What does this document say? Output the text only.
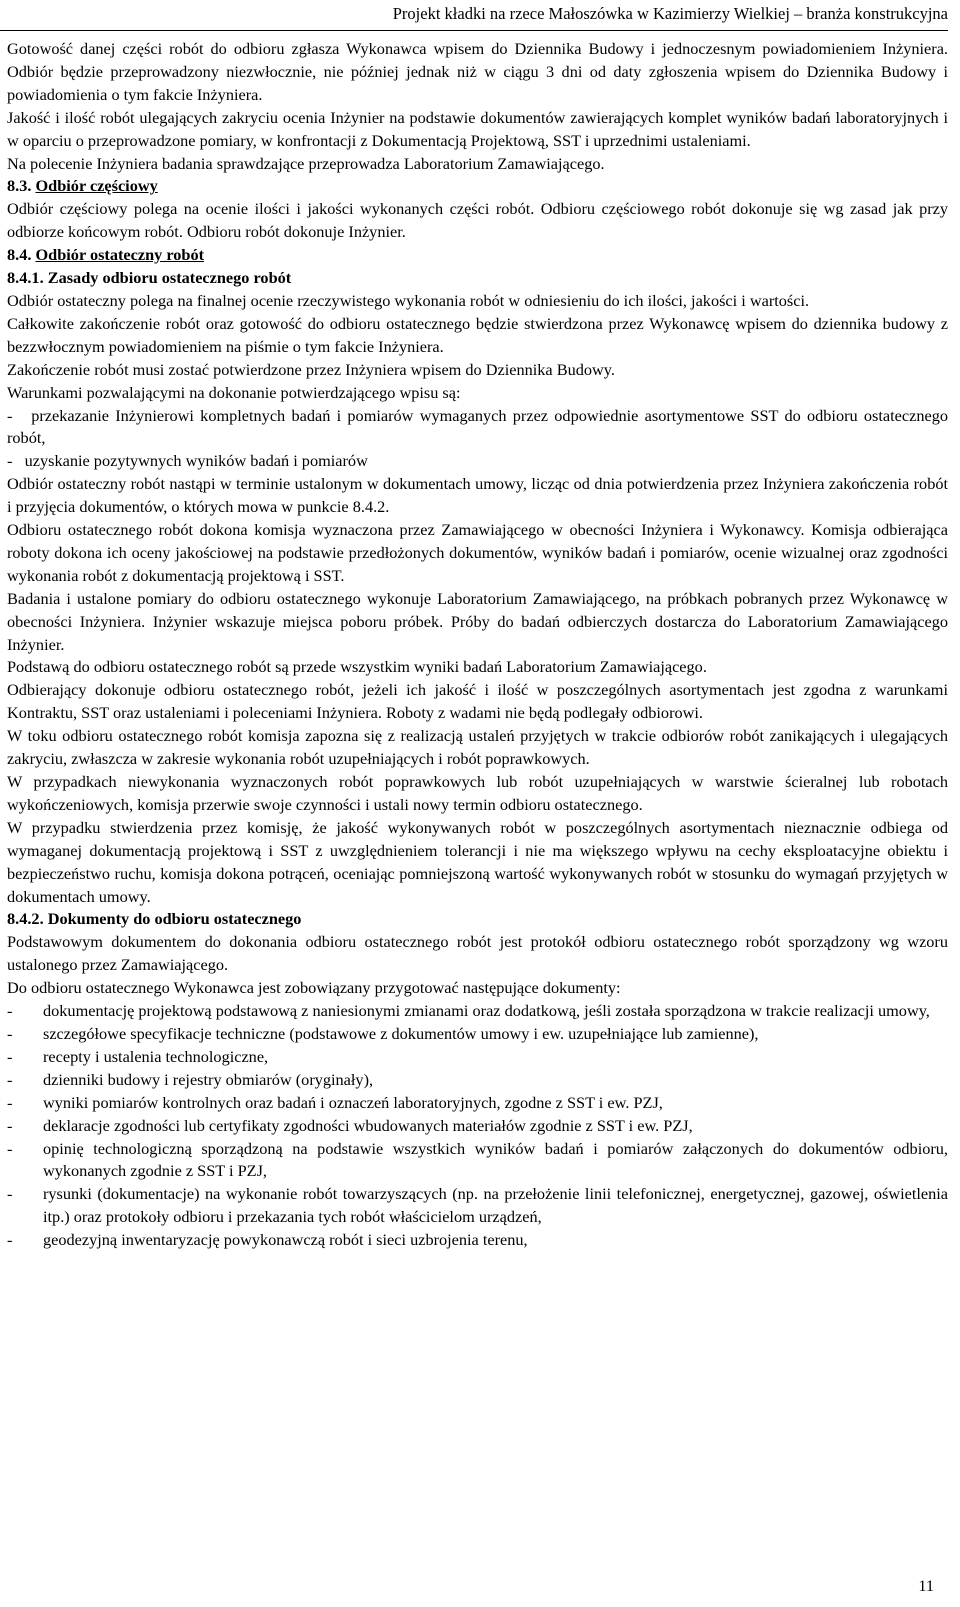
Projekt kładki na rzece Małoszówka w Kazimierzy Wielkiej – branża konstrukcyjna

Gotowość danej części robót do odbioru zgłasza Wykonawca wpisem do Dziennika Budowy i jednoczesnym powiadomieniem Inżyniera. Odbiór będzie przeprowadzony niezwłocznie, nie później jednak niż w ciągu 3 dni od daty zgłoszenia wpisem do Dziennika Budowy i powiadomienia o tym fakcie Inżyniera.

Jakość i ilość robót ulegających zakryciu ocenia Inżynier na podstawie dokumentów zawierających komplet wyników badań laboratoryjnych i w oparciu o przeprowadzone pomiary, w konfrontacji z Dokumentacją Projektową, SST i uprzednimi ustaleniami.

Na polecenie Inżyniera badania sprawdzające przeprowadza Laboratorium Zamawiającego.

8.3. Odbiór częściowy

Odbiór częściowy polega na ocenie ilości i jakości wykonanych części robót. Odbioru częściowego robót dokonuje się wg zasad jak przy odbiorze końcowym robót. Odbioru robót dokonuje Inżynier.

8.4. Odbiór ostateczny robót

8.4.1. Zasady odbioru ostatecznego robót

Odbiór ostateczny polega na finalnej ocenie rzeczywistego wykonania robót w odniesieniu do ich ilości, jakości i wartości.

Całkowite zakończenie robót oraz gotowość do odbioru ostatecznego będzie stwierdzona przez Wykonawcę wpisem do dziennika budowy z bezzwłocznym powiadomieniem na piśmie o tym fakcie Inżyniera.

Zakończenie robót musi zostać potwierdzone przez Inżyniera wpisem do Dziennika Budowy.

Warunkami pozwalającymi na dokonanie potwierdzającego wpisu są:

-   przekazanie Inżynierowi kompletnych badań i pomiarów wymaganych przez odpowiednie asortymentowe SST do odbioru ostatecznego robót,

-   uzyskanie pozytywnych wyników badań i pomiarów

Odbiór ostateczny robót nastąpi w terminie ustalonym w dokumentach umowy, licząc od dnia potwierdzenia przez Inżyniera zakończenia robót i przyjęcia dokumentów, o których mowa w punkcie 8.4.2.

Odbioru ostatecznego robót dokona komisja wyznaczona przez Zamawiającego w obecności Inżyniera i Wykonawcy. Komisja odbierająca roboty dokona ich oceny jakościowej na podstawie przedłożonych dokumentów, wyników badań i pomiarów, ocenie wizualnej oraz zgodności wykonania robót z dokumentacją projektową i SST.

Badania i ustalone pomiary do odbioru ostatecznego wykonuje Laboratorium Zamawiającego, na próbkach pobranych przez Wykonawcę w obecności Inżyniera. Inżynier wskazuje miejsca poboru próbek. Próby do badań odbierczych dostarcza do Laboratorium Zamawiającego Inżynier.

Podstawą do odbioru ostatecznego robót są przede wszystkim wyniki badań Laboratorium Zamawiającego.

Odbierający dokonuje odbioru ostatecznego robót, jeżeli ich jakość i ilość w poszczególnych asortymentach jest zgodna z warunkami Kontraktu, SST oraz ustaleniami i poleceniami Inżyniera. Roboty z wadami nie będą podlegały odbiorowi.

W toku odbioru ostatecznego robót komisja zapozna się z realizacją ustaleń przyjętych w trakcie odbiorów robót zanikających i ulegających zakryciu, zwłaszcza w zakresie wykonania robót uzupełniających i robót poprawkowych.

W przypadkach niewykonania wyznaczonych robót poprawkowych lub robót uzupełniających w warstwie ścieralnej lub robotach wykończeniowych, komisja przerwie swoje czynności i ustali nowy termin odbioru ostatecznego.

W przypadku stwierdzenia przez komisję, że jakość wykonywanych robót w poszczególnych asortymentach nieznacznie odbiega od wymaganej dokumentacją projektową i SST z uwzględnieniem tolerancji i nie ma większego wpływu na cechy eksploatacyjne obiektu i bezpieczeństwo ruchu, komisja dokona potrąceń, oceniając pomniejszoną wartość wykonywanych robót w stosunku do wymagań przyjętych w dokumentach umowy.

8.4.2. Dokumenty do odbioru ostatecznego

Podstawowym dokumentem do dokonania odbioru ostatecznego robót jest protokół odbioru ostatecznego robót sporządzony wg wzoru ustalonego przez Zamawiającego.

Do odbioru ostatecznego Wykonawca jest zobowiązany przygotować następujące dokumenty:

-	dokumentację projektową podstawową z naniesionymi zmianami oraz dodatkową, jeśli została sporządzona w trakcie realizacji umowy,
-	szczegółowe specyfikacje techniczne (podstawowe z dokumentów umowy i ew. uzupełniające lub zamienne),
-	recepty i ustalenia technologiczne,
-	dzienniki budowy i rejestry obmiarów (oryginały),
-	wyniki pomiarów kontrolnych oraz badań i oznaczeń laboratoryjnych, zgodne z SST i ew. PZJ,
-	deklaracje zgodności lub certyfikaty zgodności wbudowanych materiałów zgodnie z SST i ew. PZJ,
-	opinię technologiczną sporządzoną na podstawie wszystkich wyników badań i pomiarów załączonych do dokumentów odbioru, wykonanych zgodnie z SST i PZJ,
-	rysunki (dokumentacje) na wykonanie robót towarzyszących (np. na przełożenie linii telefonicznej, energetycznej, gazowej, oświetlenia itp.) oraz protokoły odbioru i przekazania tych robót właścicielom urządzeń,
-	geodezyjną inwentaryzację powykonawczą robót i sieci uzbrojenia terenu,
11
